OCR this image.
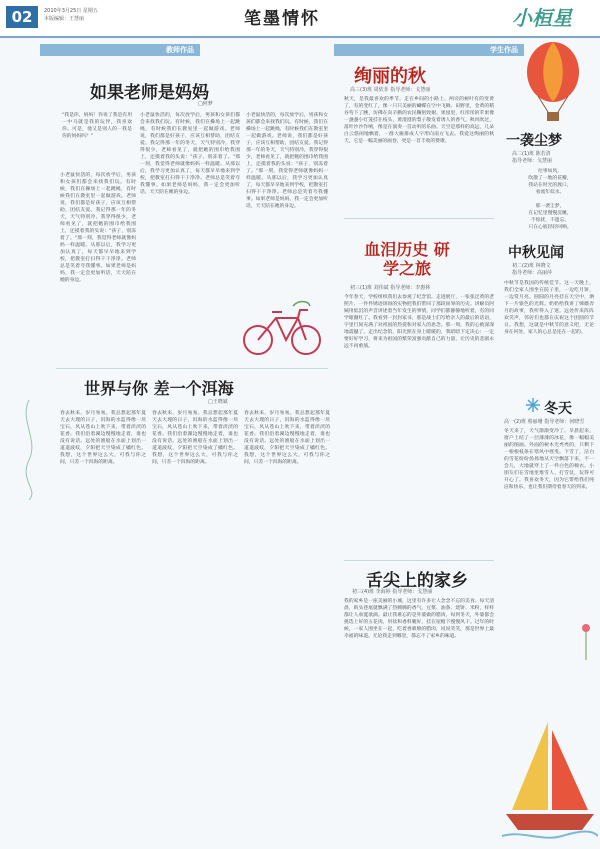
02	2010年3月25日 星期五
本版编辑：王慧丽	笔墨情怀	小桓星
教师作品	学生作品
如果老师是妈妈
□何梦
"我是你，妈妈！你说了我是有用一中马就是我的玩伴，我喜欢你。可是，他又是别人的一我是你的妈妈吗？"
小老鼠快活的，每次放学后，男孩和女孩们都会来找我们玩。有时候，我们在操场上一起跳绳，有时候我们在教室里一起做游戏。老师说，我们都是好孩子，应该互相帮助，团结友爱。我记得那一年的冬天，天气特别冷，我穿得很少，老师看见了，就把她的围巾给我围上，还摸着我的头说："孩子，别冻着了。"那一刻，我觉得老师就像妈妈一样温暖。从那以后，我学习更加认真了，每天都早早地来到学校，把教室打扫得干干净净。老师总是笑着夸我懂事。如果老师是妈妈，我一定会更加听话，天天陪在她的身边。
小老鼠快活的，每次放学后，男孩和女孩们都会来找我们玩。有时候，我们在操场上一起跳绳，有时候我们在教室里一起做游戏。老师说，我们都是好孩子，应该互相帮助，团结友爱。我记得那一年的冬天，天气特别冷，我穿得很少，老师看见了，就把她的围巾给我围上，还摸着我的头说："孩子，别冻着了。"那一刻，我觉得老师就像妈妈一样温暖。从那以后，我学习更加认真了，每天都早早地来到学校，把教室打扫得干干净净。老师总是笑着夸我懂事。如果老师是妈妈，我一定会更加听话，天天陪在她的身边。
小老鼠快活的，每次放学后，男孩和女孩们都会来找我们玩。有时候，我们在操场上一起跳绳，有时候我们在教室里一起做游戏。老师说，我们都是好孩子，应该互相帮助，团结友爱。我记得那一年的冬天，天气特别冷，我穿得很少，老师看见了，就把她的围巾给我围上，还摸着我的头说："孩子，别冻着了。"那一刻，我觉得老师就像妈妈一样温暖。从那以后，我学习更加认真了，每天都早早地来到学校，把教室打扫得干干净净。老师总是笑着夸我懂事。如果老师是妈妈，我一定会更加听话，天天陪在她的身边。
世界与你 差一个洱海
□王晓斌
春去秋来，岁月匆匆。我总想起那年夏天去大理的日子，洱海的水蓝得像一块宝石，风从苍山上吹下来，带着淡淡的花香。我们沿着湖边慢慢地走着，谁也没有说话。远处的渔船在水面上划出一道道波纹，夕阳把天空染成了橘红色。我想，这个世界这么大，可我与你之间，只差一个洱海的距离。
春去秋来，岁月匆匆。我总想起那年夏天去大理的日子，洱海的水蓝得像一块宝石，风从苍山上吹下来，带着淡淡的花香。我们沿着湖边慢慢地走着，谁也没有说话。远处的渔船在水面上划出一道道波纹，夕阳把天空染成了橘红色。我想，这个世界这么大，可我与你之间，只差一个洱海的距离。
春去秋来，岁月匆匆。我总想起那年夏天去大理的日子，洱海的水蓝得像一块宝石，风从苍山上吹下来，带着淡淡的花香。我们沿着湖边慢慢地走着，谁也没有说话。远处的渔船在水面上划出一道道波纹，夕阳把天空染成了橘红色。我想，这个世界这么大，可我与你之间，只差一个洱海的距离。
绚丽的秋
高三(3)班 周依菲 指导老师：戈慧丽
秋天，是我最喜欢的季节。走在乡间的小路上，两旁的树叶有的变黄了，有的变红了，像一只只美丽的蝴蝶在空中飞舞。田野里，金黄的稻谷弯下了腰，仿佛在向辛勤的农民鞠躬致谢。果园里，红彤彤的苹果像一盏盏小灯笼挂在枝头，黄澄澄的梨子散发着诱人的香气。秋风吹过，落叶沙沙作响，像是在演奏一首动听的乐曲。天空是那样的高远，几朵白云悠闲地飘着，一群大雁排成人字形向南方飞去。我爱这绚丽的秋天，它是一幅美丽的画卷，更是一首丰收的赞歌。
血泪历史 研学之旅
初三(1)班 刘伟斌 指导老师：李惠林
今年春天，学校组织我们去参观了纪念馆。走进展厅，一张张泛黄的老照片、一件件锈迹斑斑的实物把我们带回了那段屈辱的历史。讲解员阿姨用低沉的声音讲述着当年发生的事情，同学们都静静地听着，有的同学眼圈红了。我看到一封封家书，那是战士们写给亲人的最后的话语，字里行间充满了对祖国的热爱和对家人的思念。那一刻，我的心被深深地震撼了。走出纪念馆，阳光照在身上暖暖的，我暗暗下定决心：一定要好好学习，将来为祖国的繁荣富强贡献自己的力量，让历史的悲剧永远不再重演。
舌尖上的家乡
初三(4)班 李海婷 指导老师：戈慧丽
我的家乡是一座美丽的小城，这里有许多让人念念不忘的美食。每天清晨，街头巷尾就飘满了热腾腾的香气，豆浆、油条、烧饼、米粉，样样都让人垂涎欲滴。最让我难忘的是外婆做的腊肉，每到冬天，外婆都会挑选上好的五花肉，用盐和香料腌好，挂在屋檐下慢慢风干。过年的时候，一家人围坐在一起，吃着香喷喷的腊肉，说说笑笑，那是世界上最幸福的味道。无论我走到哪里，都忘不了家乡的味道。
一袭尘梦
高二(1)班 陈若清
指导老师：戈慧丽
往事如风，
吹散了一地的花瓣，
我站在时光的渡口，
看流年似水。

那一袭尘梦，
在记忆里慢慢沉睡，
不惊扰，不遗忘，
只在心底轻轻回响。

中秋见闻
初二(2)班 林晓文
指导老师：高丽萍
中秋节是我国的传统佳节。这一天晚上，我们全家人围坐在院子里，一边吃月饼，一边赏月亮。圆圆的月亮挂在天空中，洒下一片银色的光辉。奶奶给我讲了嫦娥奔月的故事，我听得入了迷。远处传来阵阵欢笑声，邻居们也都在庆祝这个团圆的节日。我想，这就是中秋节的意义吧，无论身在何处，家人的心总是连在一起的。
冬天
高一(2)班 蔡丽珊 指导老师：何晓雪
冬天来了，天气渐渐变冷了。早晨起来，窗户上结了一层薄薄的冰花，像一幅幅美丽的图画。外面的树木光秃秃的，只剩下一根根枝条在寒风中摇曳。下雪了，洁白的雪花纷纷扬扬地从天空飘落下来，不一会儿，大地就穿上了一件白色的棉衣。小朋友们在雪地里堆雪人、打雪仗，玩得可开心了。我喜欢冬天，因为它带给我们纯洁和快乐，也让我们期待着春天的到来。
